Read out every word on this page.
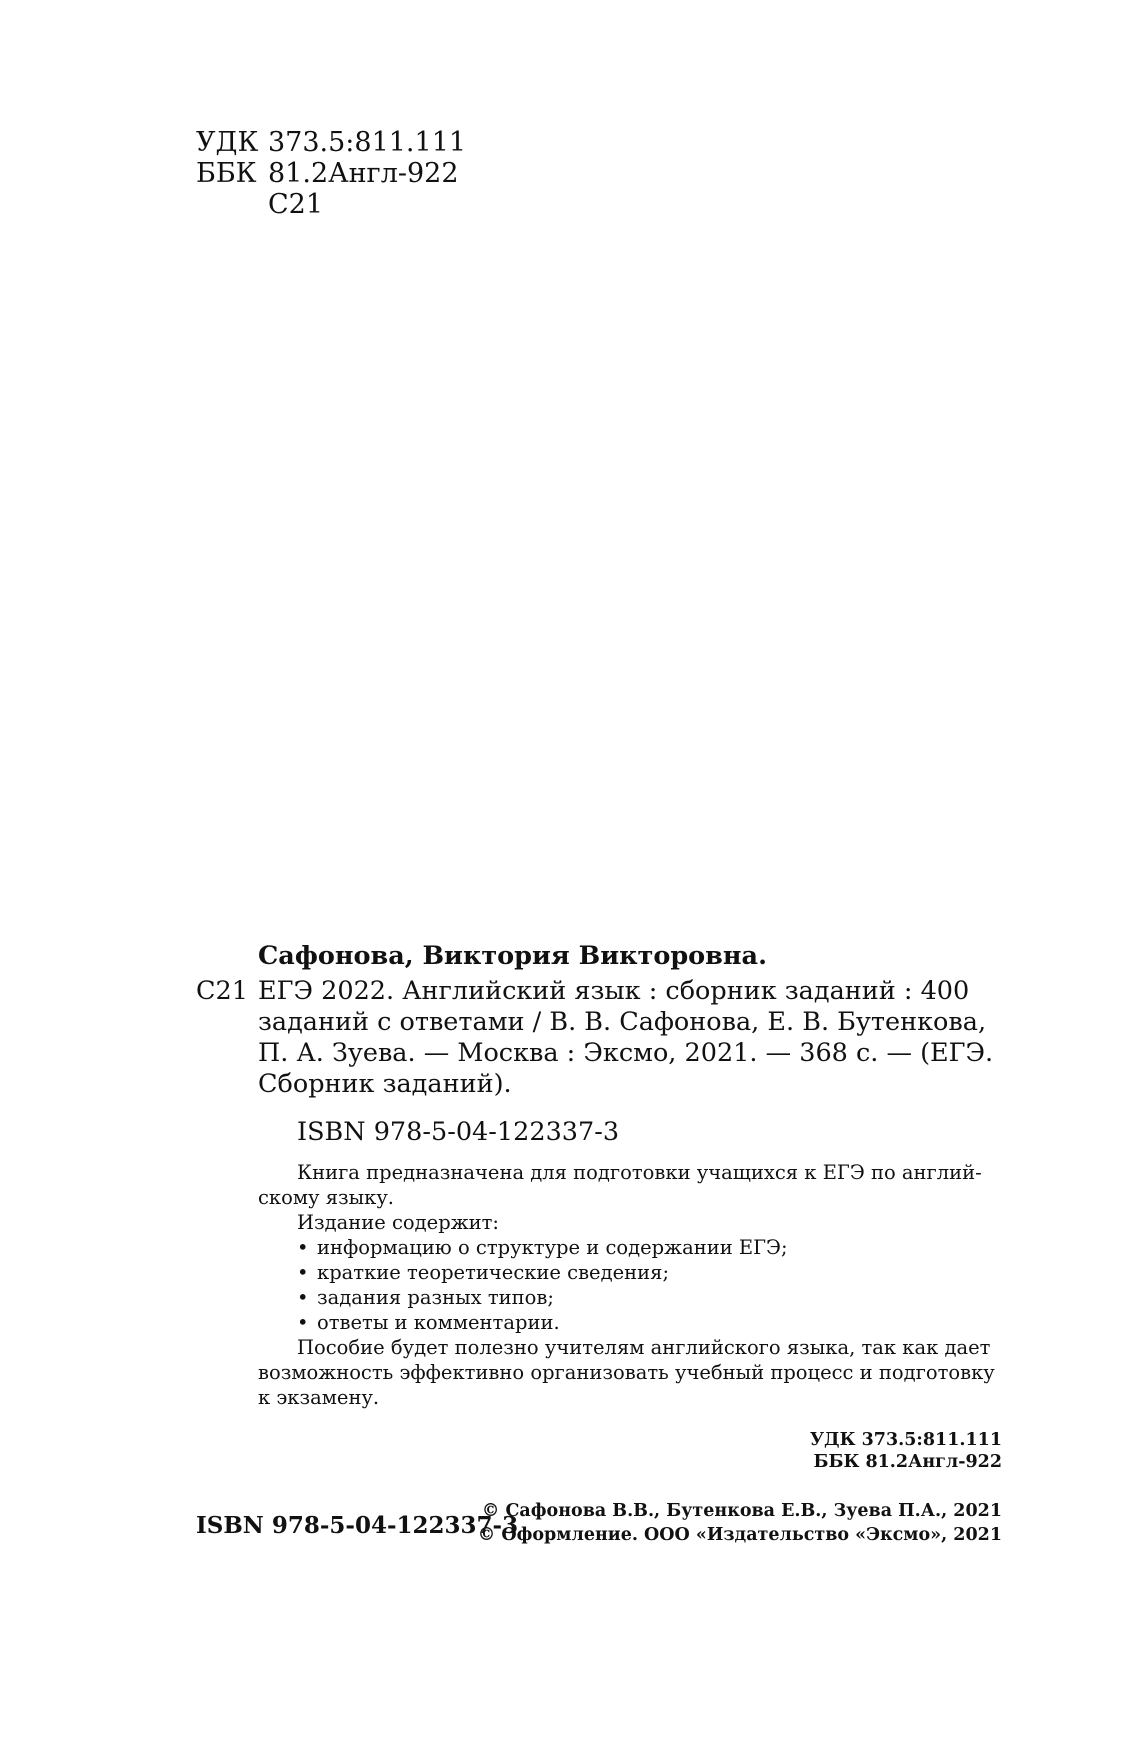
УДК 373.5:811.111
ББК 81.2Англ-922
С21
Сафонова, Виктория Викторовна.
С21 ЕГЭ 2022. Английский язык : сборник заданий : 400
заданий с ответами / В. В. Сафонова, Е. В. Бутенкова,
П. А. Зуева. — Москва : Эксмо, 2021. — 368 с. — (ЕГЭ.
Сборник заданий).
ISBN 978-5-04-122337-3
Книга предназначена для подготовки учащихся к ЕГЭ по англий-
скому языку.
Издание содержит:
• информацию о структуре и содержании ЕГЭ;
• краткие теоретические сведения;
• задания разных типов;
• ответы и комментарии.
Пособие будет полезно учителям английского языка, так как дает
возможность эффективно организовать учебный процесс и подготовку
к экзамену.
УДК 373.5:811.111
ББК 81.2Англ-922
ISBN 978-5-04-122337-3
© Сафонова В.В., Бутенкова Е.В., Зуева П.А., 2021
© Оформление. ООО «Издательство «Эксмо», 2021
